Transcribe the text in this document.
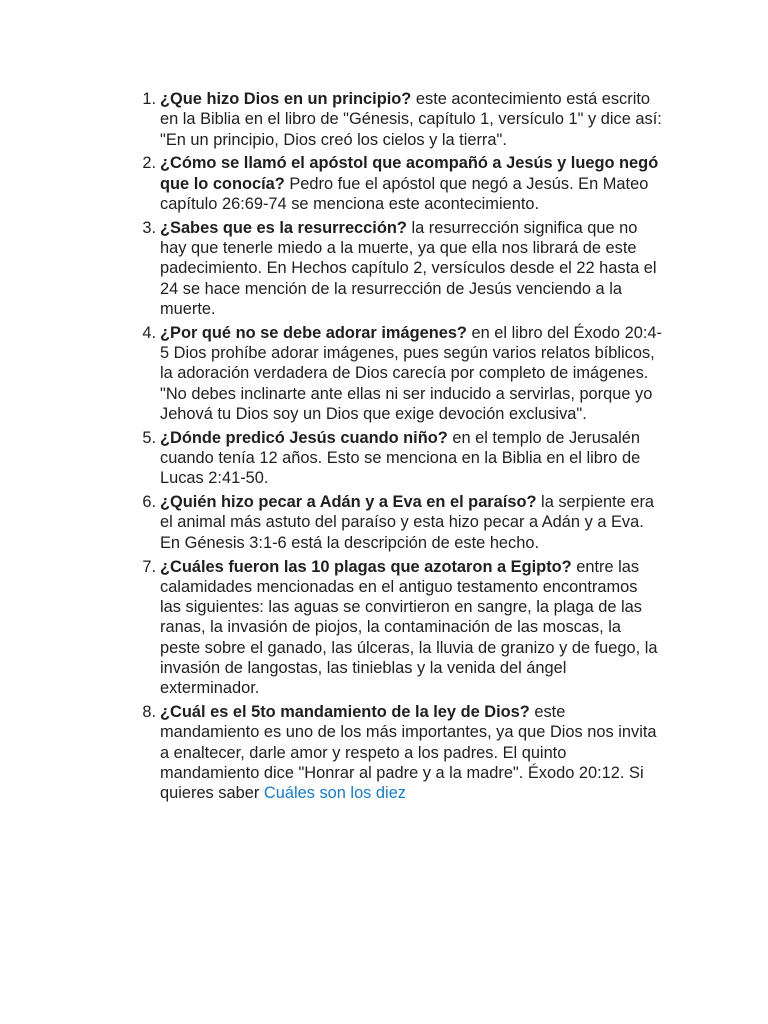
1. ¿Que hizo Dios en un principio? este acontecimiento está escrito en la Biblia en el libro de "Génesis, capítulo 1, versículo 1" y dice así: "En un principio, Dios creó los cielos y la tierra".
2. ¿Cómo se llamó el apóstol que acompañó a Jesús y luego negó que lo conocía? Pedro fue el apóstol que negó a Jesús. En Mateo capítulo 26:69-74 se menciona este acontecimiento.
3. ¿Sabes que es la resurrección? la resurrección significa que no hay que tenerle miedo a la muerte, ya que ella nos librará de este padecimiento. En Hechos capítulo 2, versículos desde el 22 hasta el 24 se hace mención de la resurrección de Jesús venciendo a la muerte.
4. ¿Por qué no se debe adorar imágenes? en el libro del Éxodo 20:4-5 Dios prohíbe adorar imágenes, pues según varios relatos bíblicos, la adoración verdadera de Dios carecía por completo de imágenes. "No debes inclinarte ante ellas ni ser inducido a servirlas, porque yo Jehová tu Dios soy un Dios que exige devoción exclusiva".
5. ¿Dónde predicó Jesús cuando niño? en el templo de Jerusalén cuando tenía 12 años. Esto se menciona en la Biblia en el libro de Lucas 2:41-50.
6. ¿Quién hizo pecar a Adán y a Eva en el paraíso? la serpiente era el animal más astuto del paraíso y esta hizo pecar a Adán y a Eva. En Génesis 3:1-6 está la descripción de este hecho.
7. ¿Cuáles fueron las 10 plagas que azotaron a Egipto? entre las calamidades mencionadas en el antiguo testamento encontramos las siguientes: las aguas se convirtieron en sangre, la plaga de las ranas, la invasión de piojos, la contaminación de las moscas, la peste sobre el ganado, las úlceras, la lluvia de granizo y de fuego, la invasión de langostas, las tinieblas y la venida del ángel exterminador.
8. ¿Cuál es el 5to mandamiento de la ley de Dios? este mandamiento es uno de los más importantes, ya que Dios nos invita a enaltecer, darle amor y respeto a los padres. El quinto mandamiento dice "Honrar al padre y a la madre". Éxodo 20:12. Si quieres saber Cuáles son los diez
